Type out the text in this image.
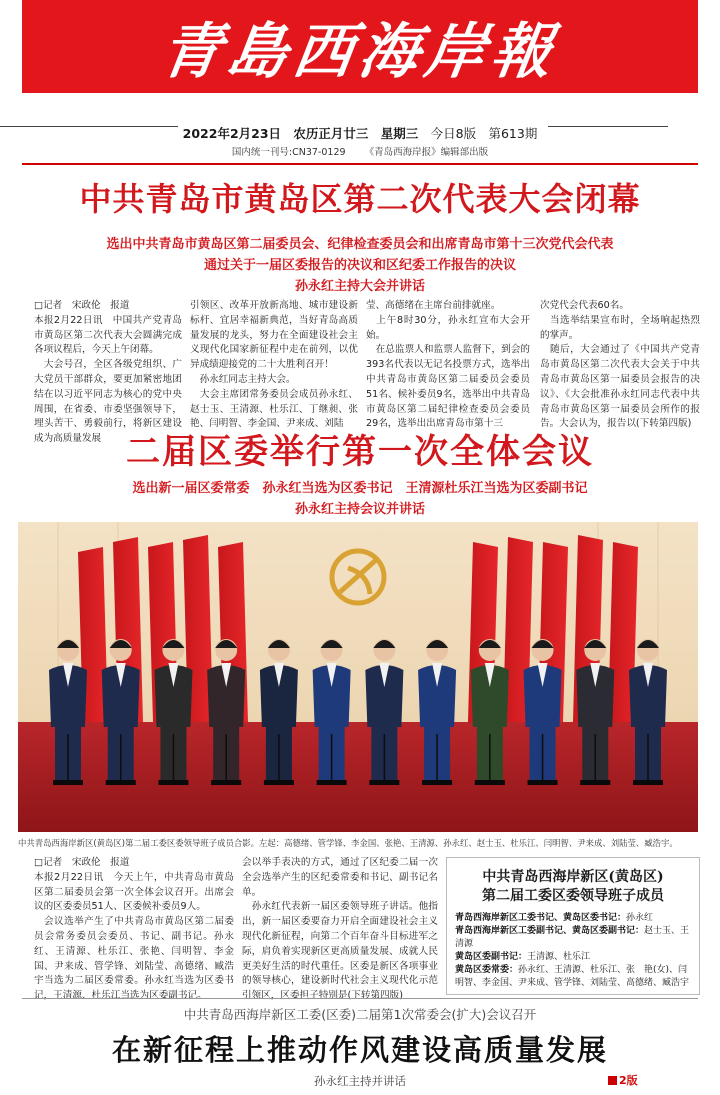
青島西海岸報
2022年2月23日 农历正月廿三 星期三 今日8版 第613期
国内统一刊号:CN37-0129 《青岛西海岸报》编辑部出版
中共青岛市黄岛区第二次代表大会闭幕
选出中共青岛市黄岛区第二届委员会、纪律检查委员会和出席青岛市第十三次党代会代表
通过关于一届区委报告的决议和区纪委工作报告的决议
孙永红主持大会并讲话
□记者　宋政伦　报道
本报2月22日讯　中国共产党青岛市黄岛区第二次代表大会圆满完成各项议程后，今天上午闭幕。
　大会号召，全区各级党组织、广大党员干部群众，要更加紧密地团结在以习近平同志为核心的党中央周围，在省委、市委坚强领导下，埋头苦干、勇毅前行，将新区建设成为高质量发展
引领区、改革开放新高地、城市建设新标杆、宜居幸福新典范，当好青岛高质量发展的龙头，努力在全面建设社会主义现代化国家新征程中走在前列，以优异成绩迎接党的二十大胜利召开！
　孙永红同志主持大会。
　大会主席团常务委员会成员孙永红、赵士玉、王清源、杜乐江、丁继昶、张艳、闫明智、李金国、尹来成、刘陆
莹、高德绪在主席台前排就座。
　上午8时30分，孙永红宣布大会开始。
　在总监票人和监票人监督下，到会的393名代表以无记名投票方式，选举出中共青岛市黄岛区第二届委员会委员51名、候补委员9名，选举出中共青岛市黄岛区第二届纪律检查委员会委员29名，选举出出席青岛市第十三
次党代会代表60名。
　当选举结果宣布时，全场响起热烈的掌声。
　随后，大会通过了《中国共产党青岛市黄岛区第二次代表大会关于中共青岛市黄岛区第一届委员会报告的决议》、《大会批准孙永红同志代表中共青岛市黄岛区第一届委员会所作的报告。大会认为，报告以(下转第四版)
二届区委举行第一次全体会议
选出新一届区委常委　孙永红当选为区委书记　王清源杜乐江当选为区委副书记
孙永红主持会议并讲话
中共青岛西海岸新区(黄岛区)第二届工委区委领导班子成员合影。左起：高德绪、管学锋、李金国、张艳、王清源、孙永红、赵士玉、杜乐江、闫明智、尹来成、刘陆莹、臧浩宇。
□记者　宋政伦　报道
本报2月22日讯　今天上午，中共青岛市黄岛区第二届委员会第一次全体会议召开。出席会议的区委委员51人、区委候补委员9人。
　会议选举产生了中共青岛市黄岛区第二届委员会常务委员会委员、书记、副书记。孙永红、王清源、杜乐江、张艳、闫明智、李金国、尹来成、管学锋、刘陆莹、高德绪、臧浩宇当选为二届区委常委。孙永红当选为区委书记，王清源、杜乐江当选为区委副书记。
会以举手表决的方式，通过了区纪委二届一次全会选举产生的区纪委常委和书记、副书记名单。
　孙永红代表新一届区委领导班子讲话。他指出，新一届区委要奋力开启全面建设社会主义现代化新征程，向第二个百年奋斗目标进军之际，肩负着实现新区更高质量发展、成就人民更美好生活的时代重任。区委是新区各项事业的领导核心，建设新时代社会主义现代化示范引领区，区委担子特别是(下转第四版)
中共青岛西海岸新区(黄岛区)
第二届工委区委领导班子成员
青岛西海岸新区工委书记、黄岛区委书记：孙永红
青岛西海岸新区工委副书记、黄岛区委副书记：赵士玉、王清源
黄岛区委副书记：王清源、杜乐江
黄岛区委常委：孙永红、王清源、杜乐江、张　艳(女)、闫明智、李金国、尹来成、管学锋、刘陆莹、高德绪、臧浩宇
中共青岛西海岸新区工委(区委)二届第1次常委会(扩大)会议召开
在新征程上推动作风建设高质量发展
孙永红主持并讲话	2版
